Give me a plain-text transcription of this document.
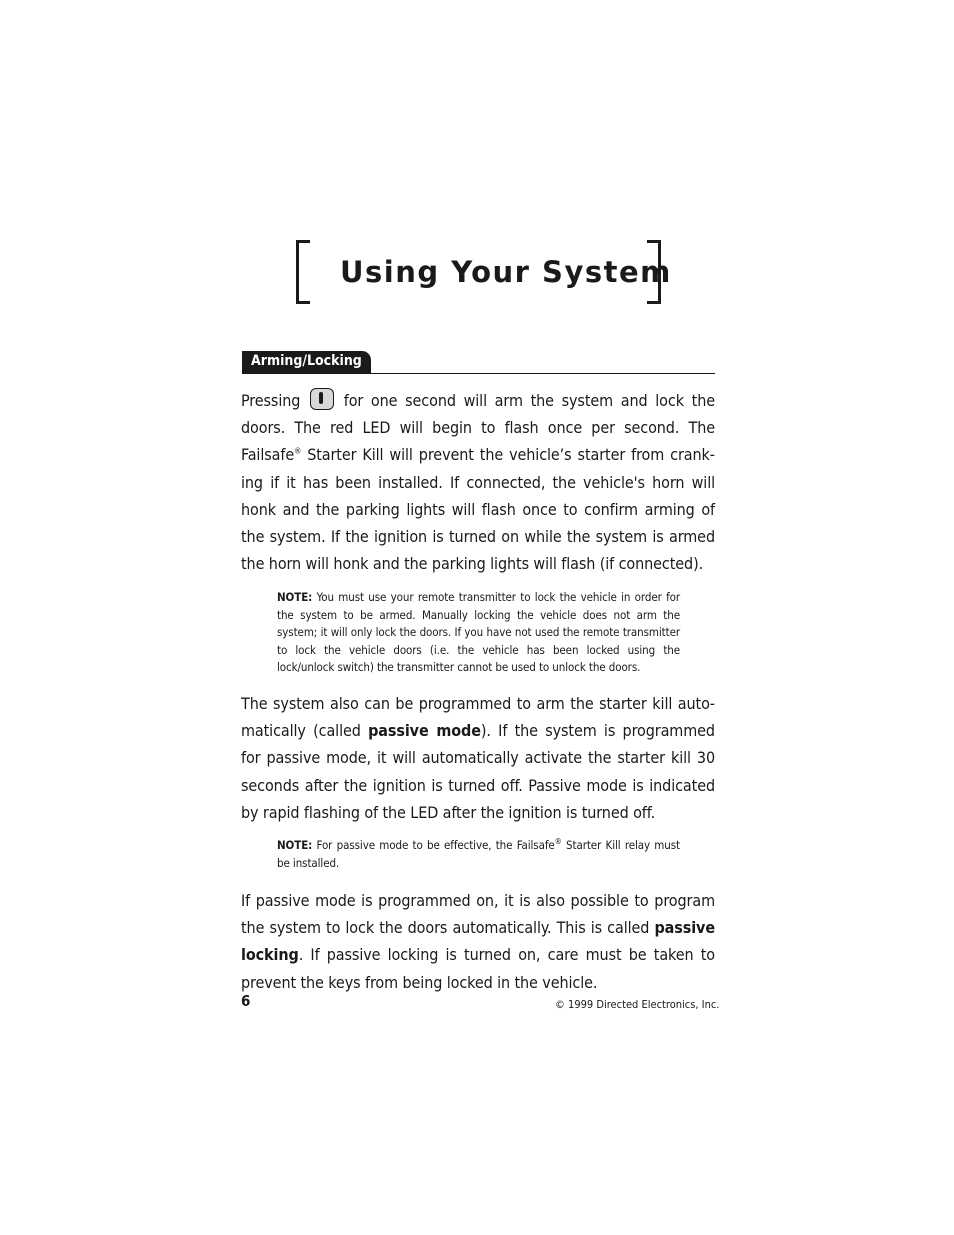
Using Your System
Arming/Locking

Pressing	for one second will arm the system and lock the doors. The red LED will begin to flash once per second. The Failsafe® Starter Kill will prevent the vehicle’s starter from cranking if it has been installed. If connected, the vehicle's horn will honk and the parking lights will flash once to confirm arming of the system. If the ignition is turned on while the system is armed the horn will honk and the parking lights will flash (if connected).

NOTE: You must use your remote transmitter to lock the vehicle in order for the system to be armed. Manually locking the vehicle does not arm the system; it will only lock the doors. If you have not used the remote transmitter to lock the vehicle doors (i.e. the vehicle has been locked using the lock/unlock switch) the transmitter cannot be used to unlock the doors.

The system also can be programmed to arm the starter kill automatically (called passive mode). If the system is programmed for passive mode, it will automatically activate the starter kill 30 seconds after the ignition is turned off. Passive mode is indicated by rapid flashing of the LED after the ignition is turned off.

NOTE: For passive mode to be effective, the Failsafe® Starter Kill relay must be installed.

If passive mode is programmed on, it is also possible to program the system to lock the doors automatically. This is called passive locking. If passive locking is turned on, care must be taken to prevent the keys from being locked in the vehicle.

6	© 1999 Directed Electronics, Inc.
